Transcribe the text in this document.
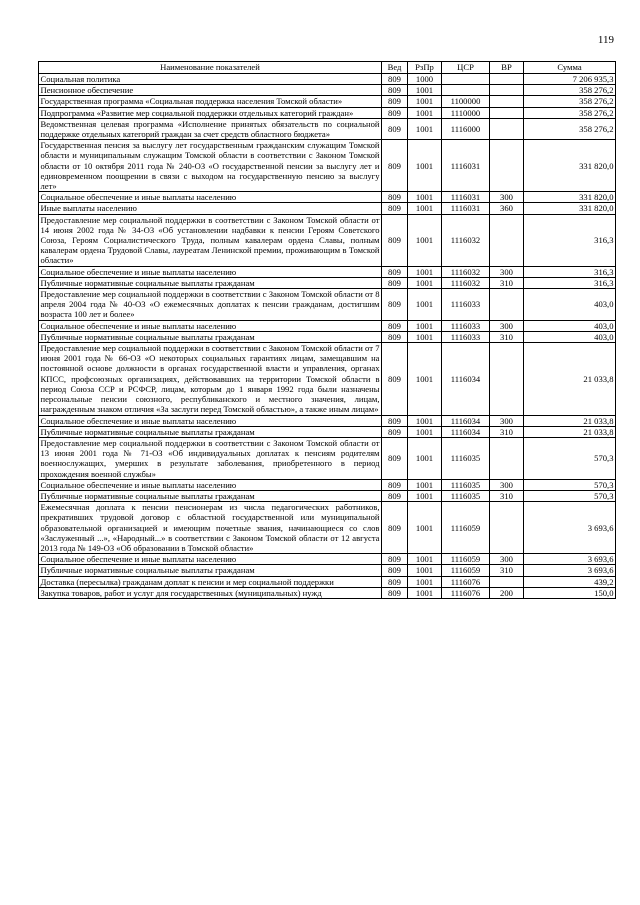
119
Наименование показателей	Вед	РзПр	ЦСР	ВР	Сумма
Социальная политика	809	1000			7 206 935,3
Пенсионное обеспечение	809	1001			358 276,2
Государственная программа «Социальная поддержка населения Томской области»	809	1001	1100000		358 276,2
Подпрограмма «Развитие мер социальной поддержки отдельных категорий граждан»	809	1001	1110000		358 276,2
Ведомственная целевая программа «Исполнение принятых обязательств по социальной поддержке отдельных категорий граждан за счет средств областного бюджета»	809	1001	1116000		358 276,2
Государственная пенсия за выслугу лет государственным гражданским служащим Томской области и муниципальным служащим Томской области в соответствии с Законом Томской области от 10 октября 2011 года № 240-ОЗ «О государственной пенсии за выслугу лет и единовременном поощрении в связи с выходом на государственную пенсию за выслугу лет»	809	1001	1116031		331 820,0
Социальное обеспечение и иные выплаты населению	809	1001	1116031	300	331 820,0
Иные выплаты населению	809	1001	1116031	360	331 820,0
Предоставление мер социальной поддержки в соответствии с Законом Томской области от 14 июня 2002 года № 34-ОЗ «Об установлении надбавки к пенсии Героям Советского Союза, Героям Социалистического Труда, полным кавалерам ордена Славы, полным кавалерам ордена Трудовой Славы, лауреатам Ленинской премии, проживающим в Томской области»	809	1001	1116032		316,3
Социальное обеспечение и иные выплаты населению	809	1001	1116032	300	316,3
Публичные нормативные социальные выплаты гражданам	809	1001	1116032	310	316,3
Предоставление мер социальной поддержки в соответствии с Законом Томской области от 8 апреля 2004 года № 40-ОЗ «О ежемесячных доплатах к пенсии гражданам, достигшим возраста 100 лет и более»	809	1001	1116033		403,0
Социальное обеспечение и иные выплаты населению	809	1001	1116033	300	403,0
Публичные нормативные социальные выплаты гражданам	809	1001	1116033	310	403,0
Предоставление мер социальной поддержки в соответствии с Законом Томской области от 7 июня 2001 года № 66-ОЗ «О некоторых социальных гарантиях лицам, замещавшим на постоянной основе должности в органах государственной власти и управления, органах КПСС, профсоюзных организациях, действовавших на территории Томской области в период Союза ССР и РСФСР, лицам, которым до 1 января 1992 года были назначены персональные пенсии союзного, республиканского и местного значения, лицам, награжденным знаком отличия «За заслуги перед Томской областью», а также иным лицам»	809	1001	1116034		21 033,8
Социальное обеспечение и иные выплаты населению	809	1001	1116034	300	21 033,8
Публичные нормативные социальные выплаты гражданам	809	1001	1116034	310	21 033,8
Предоставление мер социальной поддержки в соответствии с Законом Томской области от 13 июня 2001 года № 71-ОЗ «Об индивидуальных доплатах к пенсиям родителям военнослужащих, умерших в результате заболевания, приобретенного в период прохождения военной службы»	809	1001	1116035		570,3
Социальное обеспечение и иные выплаты населению	809	1001	1116035	300	570,3
Публичные нормативные социальные выплаты гражданам	809	1001	1116035	310	570,3
Ежемесячная доплата к пенсии пенсионерам из числа педагогических работников, прекративших трудовой договор с областной государственной или муниципальной образовательной организацией и имеющим почетные звания, начинающиеся со слов «Заслуженный ...», «Народный...» в соответствии с Законом Томской области от 12 августа 2013 года № 149-ОЗ «Об образовании в Томской области»	809	1001	1116059		3 693,6
Социальное обеспечение и иные выплаты населению	809	1001	1116059	300	3 693,6
Публичные нормативные социальные выплаты гражданам	809	1001	1116059	310	3 693,6
Доставка (пересылка) гражданам доплат к пенсии и мер социальной поддержки	809	1001	1116076		439,2
Закупка товаров, работ и услуг для государственных (муниципальных) нужд	809	1001	1116076	200	150,0
